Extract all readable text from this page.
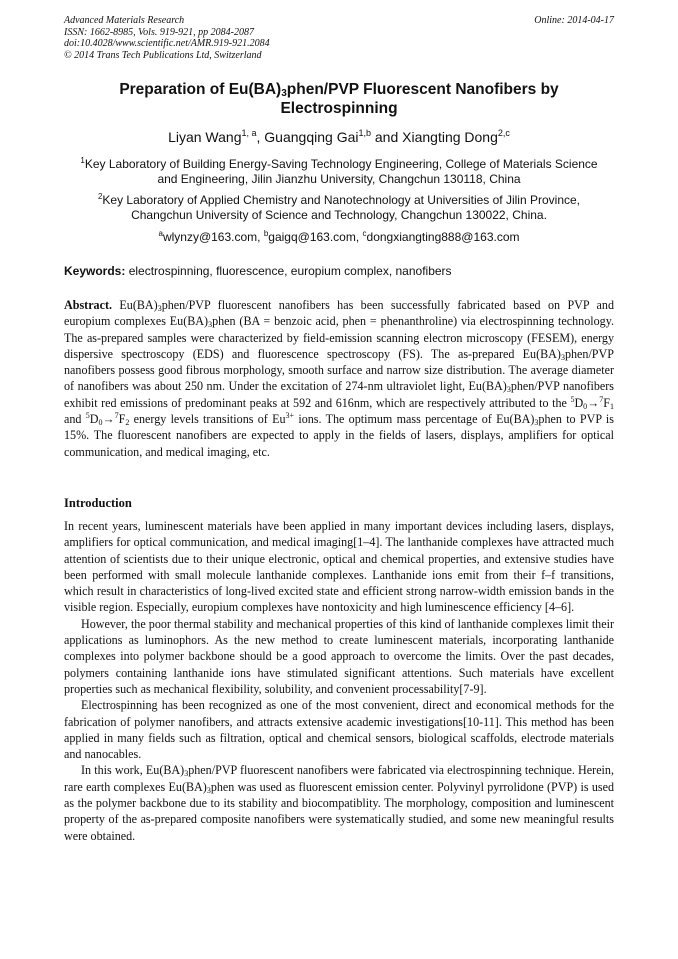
Advanced Materials Research
ISSN: 1662-8985, Vols. 919-921, pp 2084-2087
doi:10.4028/www.scientific.net/AMR.919-921.2084
© 2014 Trans Tech Publications Ltd, Switzerland
Online: 2014-04-17
Preparation of $Eu(BA)_3phen$/PVP Fluorescent Nanofibers by
Electrospinning
Liyan Wang$^{1, a}$, Guangqing Gai$^{1,b}$ and Xiangting Dong$^{2,c}$
$^1$Key Laboratory of Building Energy-Saving Technology Engineering, College of Materials Science
and Engineering, Jilin Jianzhu University, Changchun 130118, China
$^2$Key Laboratory of Applied Chemistry and Nanotechnology at Universities of Jilin Province,
Changchun University of Science and Technology, Changchun 130022, China.
$^a$wlynzy@163.com, $^b$gaigq@163.com, $^c$dongxiangting888@163.com
Keywords: electrospinning, fluorescence, europium complex, nanofibers

Abstract. $Eu(BA)_3phen$/PVP fluorescent nanofibers has been successfully fabricated based on PVP and europium complexes $Eu(BA)_3phen$ (BA = benzoic acid, phen = phenanthroline) via electrospinning technology. The as-prepared samples were characterized by field-emission scanning electron microscopy (FESEM), energy dispersive spectroscopy (EDS) and fluorescence spectroscopy (FS). The as-prepared $Eu(BA)_3phen$/PVP nanofibers possess good fibrous morphology, smooth surface and narrow size distribution. The average diameter of nanofibers was about 250 nm. Under the excitation of 274-nm ultraviolet light, $Eu(BA)_3phen$/PVP nanofibers exhibit red emissions of predominant peaks at 592 and 616nm, which are respectively attributed to the $^5D_0\to^7F_1$ and $^5D_0\to^7F_2$ energy levels transitions of $Eu^{3+}$ ions. The optimum mass percentage of $Eu(BA)_3phen$ to PVP is 15%. The fluorescent nanofibers are expected to apply in the fields of lasers, displays, amplifiers for optical communication, and medical imaging, etc.

Introduction

In recent years, luminescent materials have been applied in many important devices including lasers, displays, amplifiers for optical communication, and medical imaging[1–4]. The lanthanide complexes have attracted much attention of scientists due to their unique electronic, optical and chemical properties, and extensive studies have been performed with small molecule lanthanide complexes. Lanthanide ions emit from their f–f transitions, which result in characteristics of long-lived excited state and efficient strong narrow-width emission bands in the visible region. Especially, europium complexes have nontoxicity and high luminescence efficiency [4–6].

However, the poor thermal stability and mechanical properties of this kind of lanthanide complexes limit their applications as luminophors. As the new method to create luminescent materials, incorporating lanthanide complexes into polymer backbone should be a good approach to overcome the limits. Over the past decades, polymers containing lanthanide ions have stimulated significant attentions. Such materials have excellent properties such as mechanical flexibility, solubility, and convenient processability[7-9].

Electrospinning has been recognized as one of the most convenient, direct and economical methods for the fabrication of polymer nanofibers, and attracts extensive academic investigations[10-11]. This method has been applied in many fields such as filtration, optical and chemical sensors, biological scaffolds, electrode materials and nanocables.

In this work, $Eu(BA)_3phen$/PVP fluorescent nanofibers were fabricated via electrospinning technique. Herein, rare earth complexes $Eu(BA)_3phen$ was used as fluorescent emission center. Polyvinyl pyrrolidone (PVP) is used as the polymer backbone due to its stability and biocompatiblity. The morphology, composition and luminescent property of the as-prepared composite nanofibers were systematically studied, and some new meaningful results were obtained.
